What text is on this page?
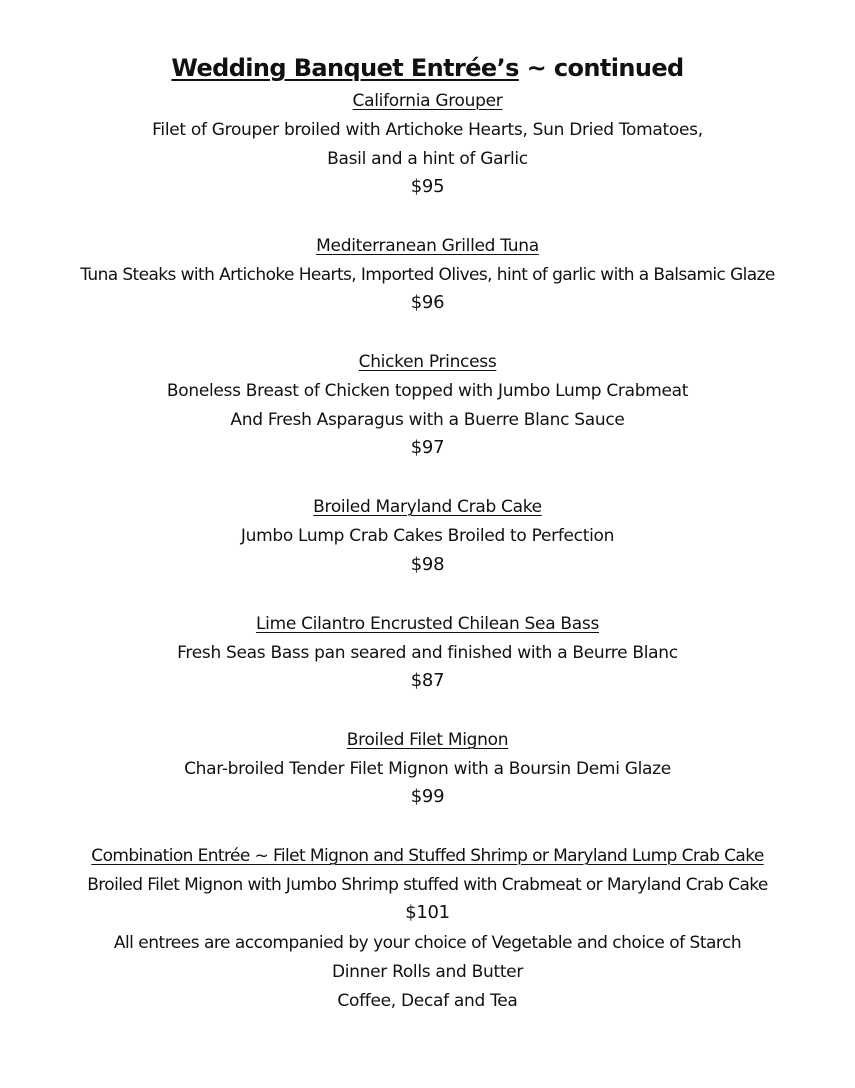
Wedding Banquet Entrée’s ~ continued
California Grouper
Filet of Grouper broiled with Artichoke Hearts, Sun Dried Tomatoes,
Basil and a hint of Garlic
$95
Mediterranean Grilled Tuna
Tuna Steaks with Artichoke Hearts, Imported Olives, hint of garlic with a Balsamic Glaze
$96
Chicken Princess
Boneless Breast of Chicken topped with Jumbo Lump Crabmeat
And Fresh Asparagus with a Buerre Blanc Sauce
$97
Broiled Maryland Crab Cake
Jumbo Lump Crab Cakes Broiled to Perfection
$98
Lime Cilantro Encrusted Chilean Sea Bass
Fresh Seas Bass pan seared and finished with a Beurre Blanc
$87
Broiled Filet Mignon
Char-broiled Tender Filet Mignon with a Boursin Demi Glaze
$99
Combination Entrée ~ Filet Mignon and Stuffed Shrimp or Maryland Lump Crab Cake
Broiled Filet Mignon with Jumbo Shrimp stuffed with Crabmeat or Maryland Crab Cake
$101
All entrees are accompanied by your choice of Vegetable and choice of Starch
Dinner Rolls and Butter
Coffee, Decaf and Tea
